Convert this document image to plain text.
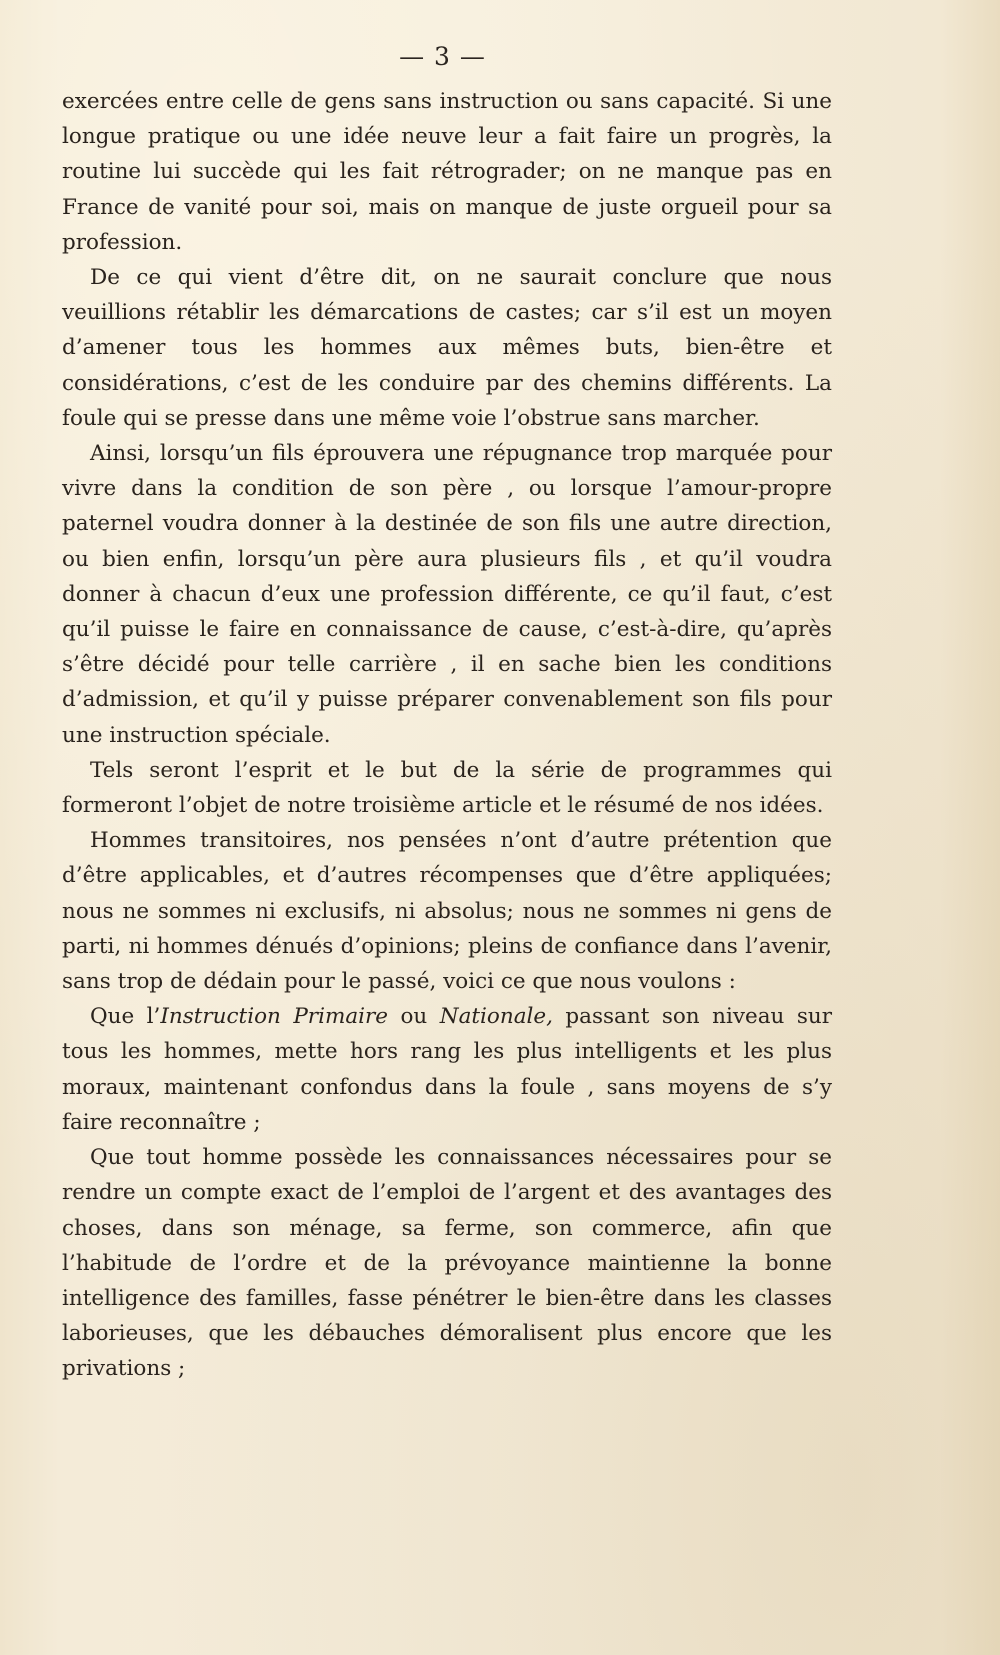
— 3 —

exercées entre celle de gens sans instruction ou sans capacité. Si une longue pratique ou une idée neuve leur a fait faire un progrès, la routine lui succède qui les fait rétrograder; on ne manque pas en France de vanité pour soi, mais on manque de juste orgueil pour sa profession.

De ce qui vient d’être dit, on ne saurait conclure que nous veuillions rétablir les démarcations de castes; car s’il est un moyen d’amener tous les hommes aux mêmes buts, bien-être et considérations, c’est de les conduire par des chemins différents. La foule qui se presse dans une même voie l’obstrue sans marcher.

Ainsi, lorsqu’un fils éprouvera une répugnance trop marquée pour vivre dans la condition de son père , ou lorsque l’amour-propre paternel voudra donner à la destinée de son fils une autre direction, ou bien enfin, lorsqu’un père aura plusieurs fils , et qu’il voudra donner à chacun d’eux une profession différente, ce qu’il faut, c’est qu’il puisse le faire en connaissance de cause, c’est-à-dire, qu’après s’être décidé pour telle carrière , il en sache bien les conditions d’admission, et qu’il y puisse préparer convenablement son fils pour une instruction spéciale.

Tels seront l’esprit et le but de la série de programmes qui formeront l’objet de notre troisième article et le résumé de nos idées.

Hommes transitoires, nos pensées n’ont d’autre prétention que d’être applicables, et d’autres récompenses que d’être appliquées; nous ne sommes ni exclusifs, ni absolus; nous ne sommes ni gens de parti, ni hommes dénués d’opinions; pleins de confiance dans l’avenir, sans trop de dédain pour le passé, voici ce que nous voulons :

Que l’Instruction Primaire ou Nationale, passant son niveau sur tous les hommes, mette hors rang les plus intelligents et les plus moraux, maintenant confondus dans la foule , sans moyens de s’y faire reconnaître ;

Que tout homme possède les connaissances nécessaires pour se rendre un compte exact de l’emploi de l’argent et des avantages des choses, dans son ménage, sa ferme, son commerce, afin que l’habitude de l’ordre et de la prévoyance maintienne la bonne intelligence des familles, fasse pénétrer le bien-être dans les classes laborieuses, que les débauches démoralisent plus encore que les privations ;
